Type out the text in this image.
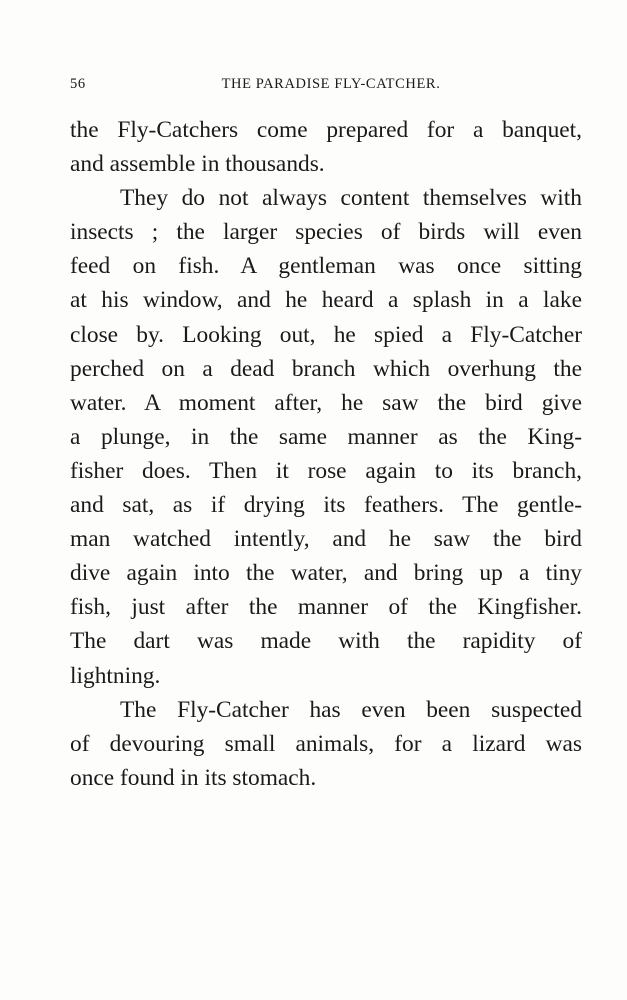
56	THE PARADISE FLY-CATCHER.
the Fly-Catchers come prepared for a banquet,
and assemble in thousands.
They do not always content themselves with
insects ; the larger species of birds will even
feed on fish. A gentleman was once sitting
at his window, and he heard a splash in a lake
close by. Looking out, he spied a Fly-Catcher
perched on a dead branch which overhung the
water. A moment after, he saw the bird give
a plunge, in the same manner as the King-
fisher does. Then it rose again to its branch,
and sat, as if drying its feathers. The gentle-
man watched intently, and he saw the bird
dive again into the water, and bring up a tiny
fish, just after the manner of the Kingfisher.
The dart was made with the rapidity of
lightning.
The Fly-Catcher has even been suspected
of devouring small animals, for a lizard was
once found in its stomach.
